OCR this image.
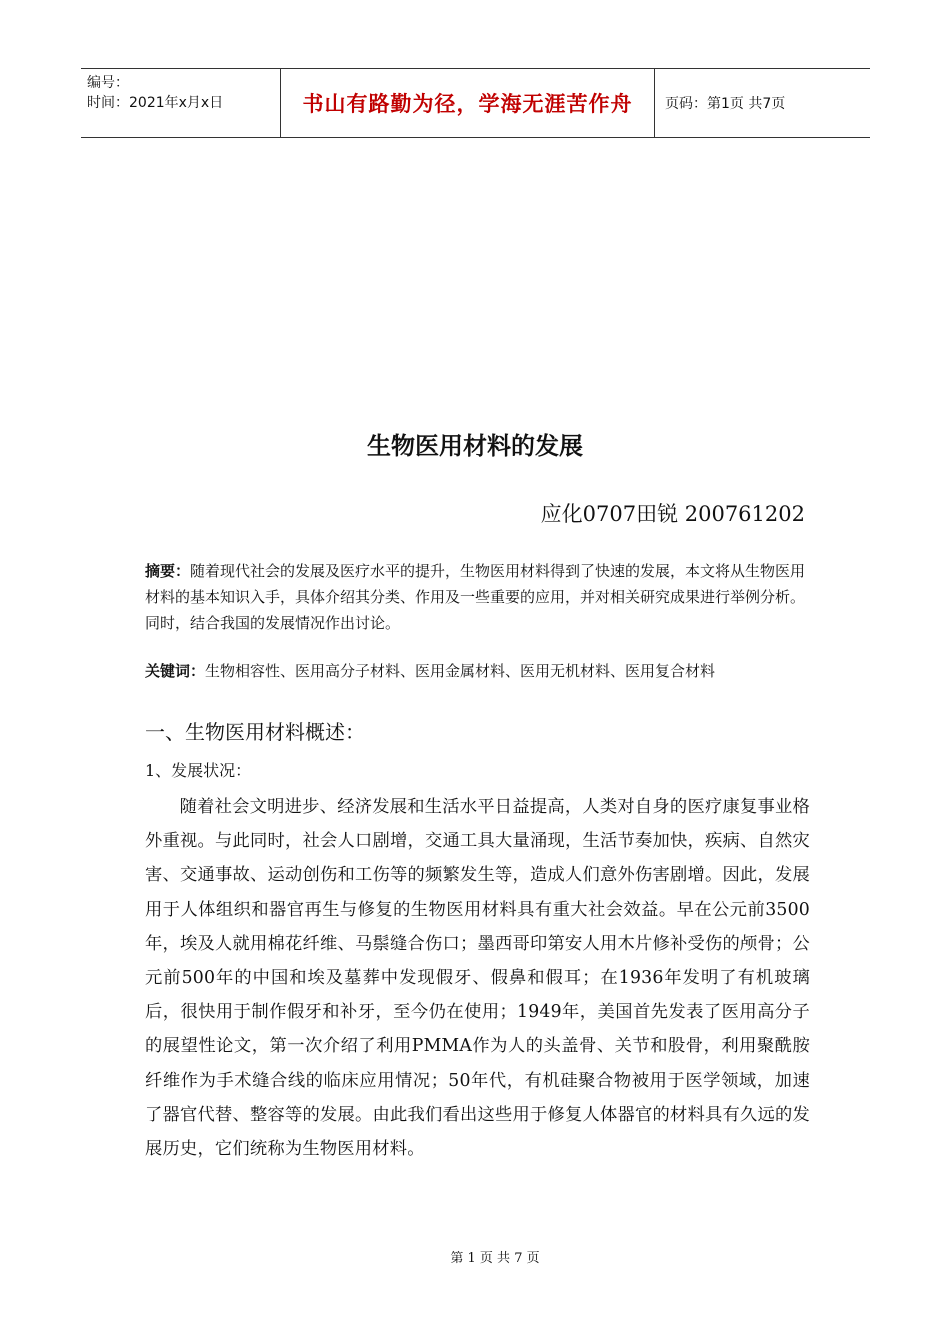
编号：
时间：2021年x月x日	书山有路勤为径，学海无涯苦作舟	页码：第1页 共7页
生物医用材料的发展
应化0707田锐 200761202
摘要：随着现代社会的发展及医疗水平的提升，生物医用材料得到了快速的发展，本文将从生物医用材料的基本知识入手，具体介绍其分类、作用及一些重要的应用，并对相关研究成果进行举例分析。同时，结合我国的发展情况作出讨论。
关键词：生物相容性、医用高分子材料、医用金属材料、医用无机材料、医用复合材料
一、生物医用材料概述：
1、发展状况：
随着社会文明进步、经济发展和生活水平日益提高，人类对自身的医疗康复事业格外重视。与此同时，社会人口剧增，交通工具大量涌现，生活节奏加快，疾病、自然灾害、交通事故、运动创伤和工伤等的频繁发生等，造成人们意外伤害剧增。因此，发展用于人体组织和器官再生与修复的生物医用材料具有重大社会效益。早在公元前3500年，埃及人就用棉花纤维、马鬃缝合伤口；墨西哥印第安人用木片修补受伤的颅骨；公元前500年的中国和埃及墓葬中发现假牙、假鼻和假耳；在1936年发明了有机玻璃后，很快用于制作假牙和补牙，至今仍在使用；1949年，美国首先发表了医用高分子的展望性论文，第一次介绍了利用PMMA作为人的头盖骨、关节和股骨，利用聚酰胺纤维作为手术缝合线的临床应用情况；50年代，有机硅聚合物被用于医学领域，加速了器官代替、整容等的发展。由此我们看出这些用于修复人体器官的材料具有久远的发展历史，它们统称为生物医用材料。
第 1 页 共 7 页
